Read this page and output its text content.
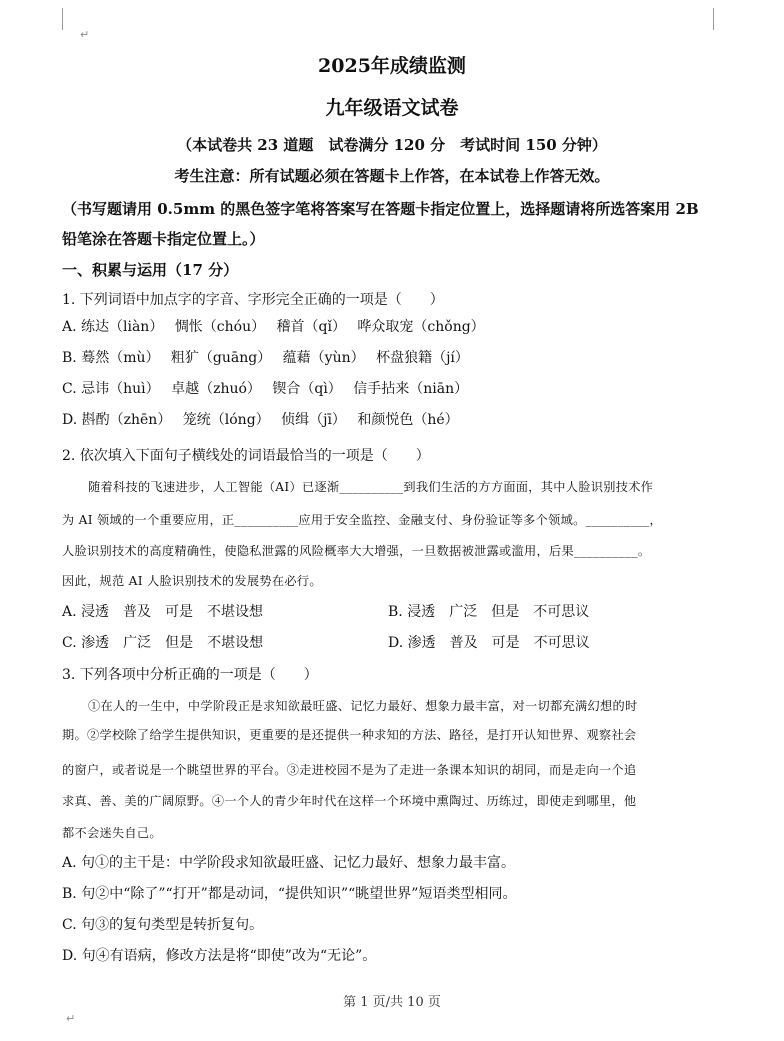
↵
↵
2025年成绩监测
九年级语文试卷
（本试卷共 23 道题　试卷满分 120 分　考试时间 150 分钟）
考生注意：所有试题必须在答题卡上作答，在本试卷上作答无效。
（书写题请用 0.5mm 的黑色签字笔将答案写在答题卡指定位置上，选择题请将所选答案用 2B
铅笔涂在答题卡指定位置上。）
一、积累与运用（17 分）
1. 下列词语中加点字的字音、字形完全正确的一项是（　　）
A. 练达（liàn）　 惆怅（chóu）　 稽首（qǐ）　 哗众取宠（chǒng）
B. 蓦然（mù）　 粗犷（guāng）　 蕴藉（yùn）　 杯盘狼籍（jí）
C. 忌讳（huì）　 卓越（zhuó）　 锲合（qì）　 信手拈来（niān）
D. 斟酌（zhēn）　 笼统（lóng）　 侦缉（jī）　 和颜悦色（hé）
2. 依次填入下面句子横线处的词语最恰当的一项是（　　）
随着科技的飞速进步，人工智能（AI）已逐渐__________到我们生活的方方面面，其中人脸识别技术作
为 AI 领域的一个重要应用，正__________应用于安全监控、金融支付、身份验证等多个领域。__________，
人脸识别技术的高度精确性，使隐私泄露的风险概率大大增强，一旦数据被泄露或滥用，后果__________。
因此，规范 AI 人脸识别技术的发展势在必行。
A. 浸透　普及　可是　不堪设想	B. 浸透　广泛　但是　不可思议
C. 渗透　广泛　但是　不堪设想	D. 渗透　普及　可是　不可思议
3. 下列各项中分析正确的一项是（　　）
①在人的一生中，中学阶段正是求知欲最旺盛、记忆力最好、想象力最丰富，对一切都充满幻想的时
期。②学校除了给学生提供知识，更重要的是还提供一种求知的方法、路径，是打开认知世界、观察社会
的窗户，或者说是一个眺望世界的平台。③走进校园不是为了走进一条课本知识的胡同，而是走向一个追
求真、善、美的广阔原野。④一个人的青少年时代在这样一个环境中熏陶过、历练过，即使走到哪里，他
都不会迷失自己。
A. 句①的主干是：中学阶段求知欲最旺盛、记忆力最好、想象力最丰富。
B. 句②中“除了”“打开”都是动词，“提供知识”“眺望世界”短语类型相同。
C. 句③的复句类型是转折复句。
D. 句④有语病，修改方法是将“即使”改为“无论”。
第 1 页/共 10 页
